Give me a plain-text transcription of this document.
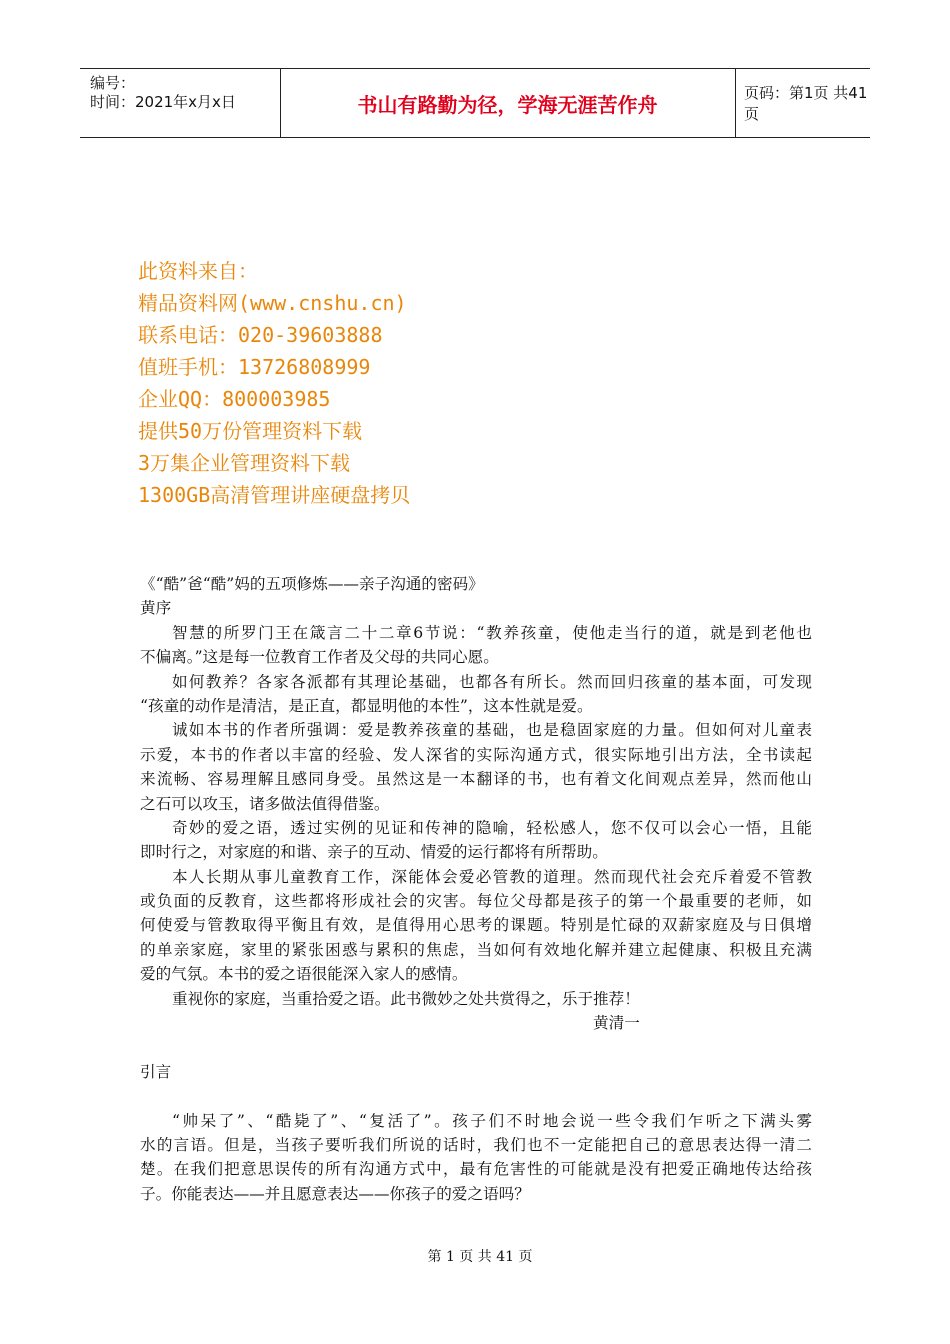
编号：
时间：2021年x月x日	书山有路勤为径，学海无涯苦作舟	页码：第1页 共41页
此资料来自：
精品资料网(www.cnshu.cn)
联系电话：020-39603888
值班手机：13726808999
企业QQ：800003985
提供50万份管理资料下载
3万集企业管理资料下载
1300GB高清管理讲座硬盘拷贝
《“酷”爸“酷”妈的五项修炼——亲子沟通的密码》
黄序
智慧的所罗门王在箴言二十二章6节说：“教养孩童，使他走当行的道，就是到老他也
不偏离。”这是每一位教育工作者及父母的共同心愿。
如何教养？各家各派都有其理论基础，也都各有所长。然而回归孩童的基本面，可发现
“孩童的动作是清洁，是正直，都显明他的本性”，这本性就是爱。
诚如本书的作者所强调：爱是教养孩童的基础，也是稳固家庭的力量。但如何对儿童表
示爱，本书的作者以丰富的经验、发人深省的实际沟通方式，很实际地引出方法，全书读起
来流畅、容易理解且感同身受。虽然这是一本翻译的书，也有着文化间观点差异，然而他山
之石可以攻玉，诸多做法值得借鉴。
奇妙的爱之语，透过实例的见证和传神的隐喻，轻松感人，您不仅可以会心一悟，且能
即时行之，对家庭的和谐、亲子的互动、情爱的运行都将有所帮助。
本人长期从事儿童教育工作，深能体会爱必管教的道理。然而现代社会充斥着爱不管教
或负面的反教育，这些都将形成社会的灾害。每位父母都是孩子的第一个最重要的老师，如
何使爱与管教取得平衡且有效，是值得用心思考的课题。特别是忙碌的双薪家庭及与日俱增
的单亲家庭，家里的紧张困惑与累积的焦虑，当如何有效地化解并建立起健康、积极且充满
爱的气氛。本书的爱之语很能深入家人的感情。
重视你的家庭，当重拾爱之语。此书微妙之处共赏得之，乐于推荐！
黄清一
引言
“帅呆了”、“酷毙了”、“复活了”。孩子们不时地会说一些令我们乍听之下满头雾
水的言语。但是，当孩子要听我们所说的话时，我们也不一定能把自己的意思表达得一清二
楚。在我们把意思误传的所有沟通方式中，最有危害性的可能就是没有把爱正确地传达给孩
子。你能表达——并且愿意表达——你孩子的爱之语吗？
第 1 页 共 41 页
